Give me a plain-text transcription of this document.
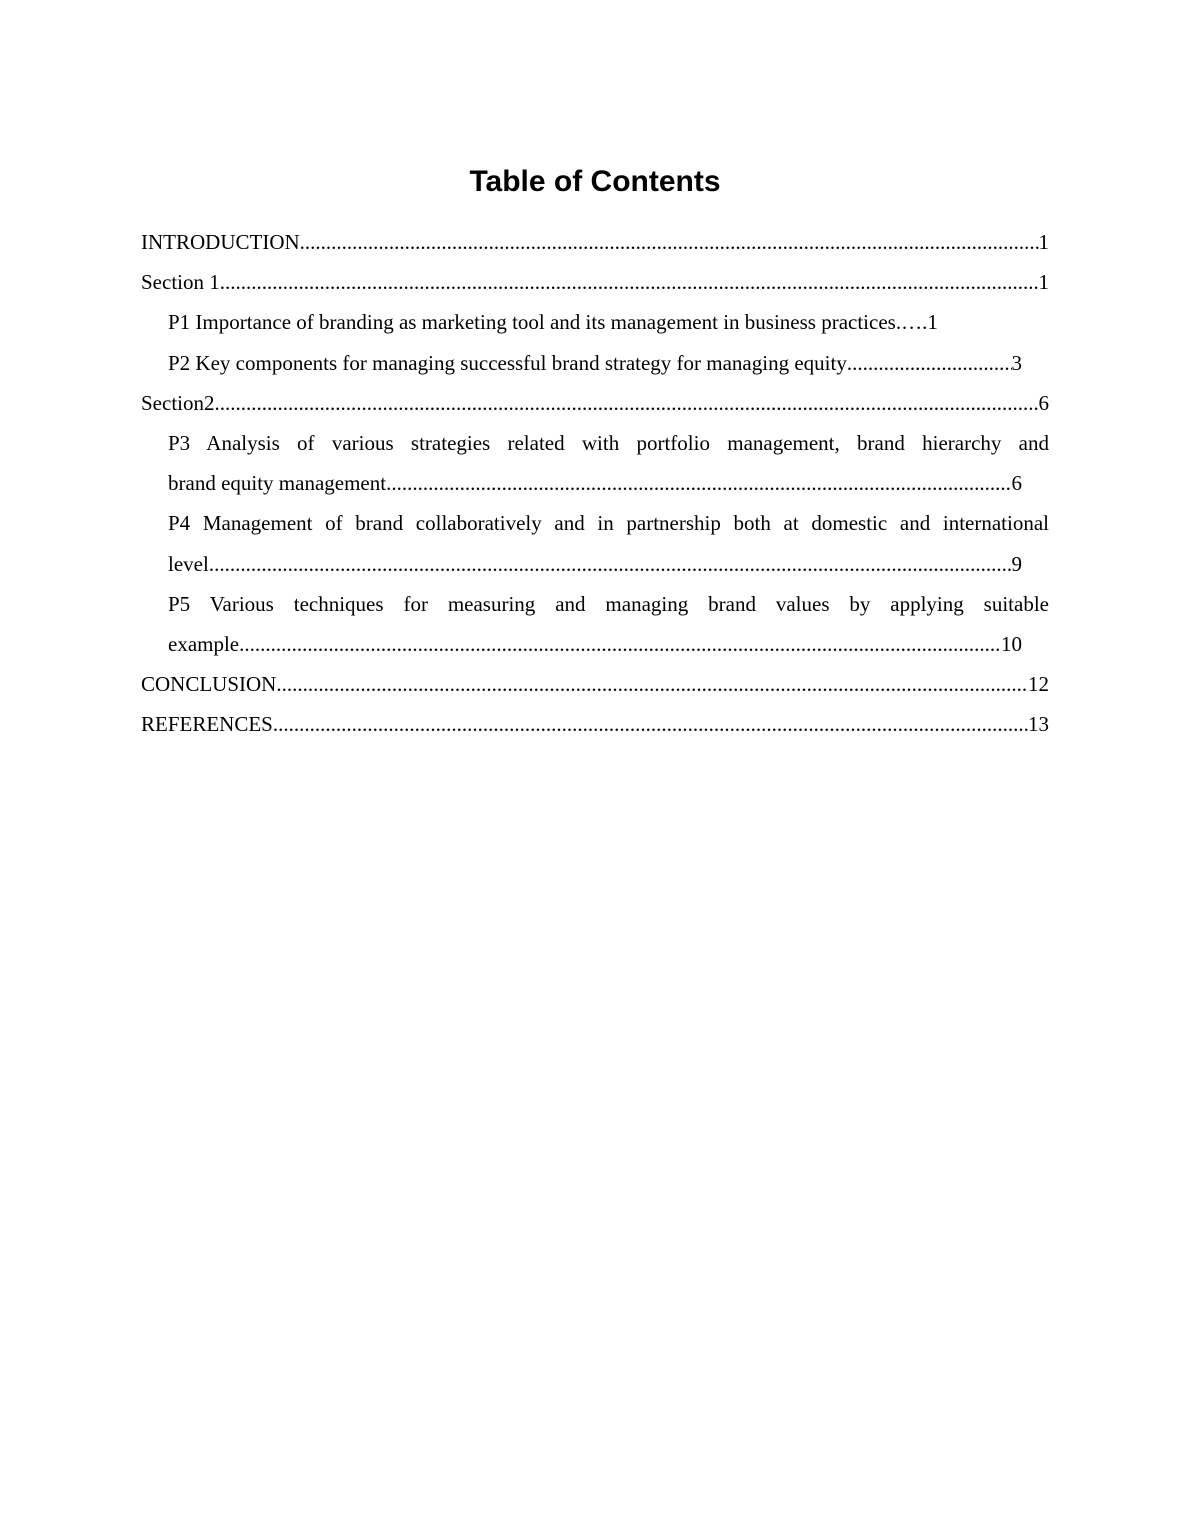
Table of Contents
INTRODUCTION .....	1
Section 1 .....	1
P1 Importance of branding as marketing tool and its management in business practices .…. 1
P2 Key components for managing successful brand strategy for managing equity .....	3
Section2 .....	6
P3 Analysis of various strategies related with portfolio management, brand hierarchy and
brand equity management .....	6
P4 Management of brand collaboratively and in partnership both at domestic and international
level .....	9
P5 Various techniques for measuring and managing brand values by applying suitable
example .....	10
CONCLUSION .....	12
REFERENCES .....	13
